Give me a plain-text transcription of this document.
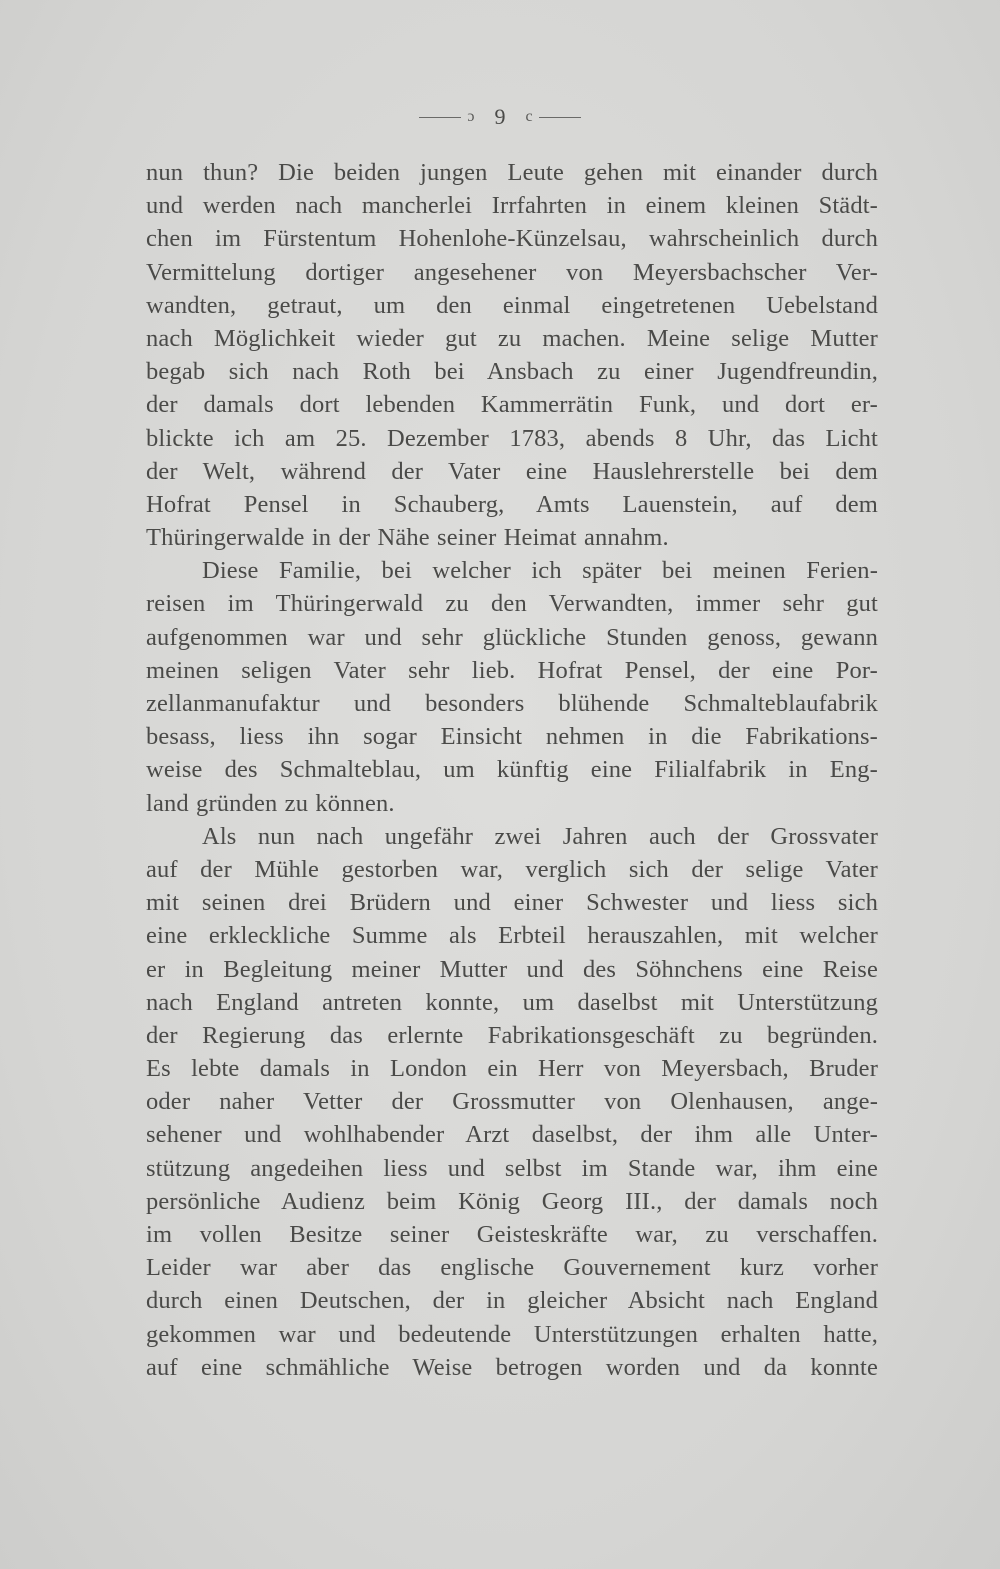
ɔ 9 c
nun thun? Die beiden jungen Leute gehen mit einander durch
und werden nach mancherlei Irrfahrten in einem kleinen Städt-
chen im Fürstentum Hohenlohe-Künzelsau, wahrscheinlich durch
Vermittelung dortiger angesehener von Meyersbachscher Ver-
wandten, getraut, um den einmal eingetretenen Uebelstand
nach Möglichkeit wieder gut zu machen. Meine selige Mutter
begab sich nach Roth bei Ansbach zu einer Jugendfreundin,
der damals dort lebenden Kammerrätin Funk, und dort er-
blickte ich am 25. Dezember 1783, abends 8 Uhr, das Licht
der Welt, während der Vater eine Hauslehrerstelle bei dem
Hofrat Pensel in Schauberg, Amts Lauenstein, auf dem
Thüringerwalde in der Nähe seiner Heimat annahm.
Diese Familie, bei welcher ich später bei meinen Ferien-
reisen im Thüringerwald zu den Verwandten, immer sehr gut
aufgenommen war und sehr glückliche Stunden genoss, gewann
meinen seligen Vater sehr lieb. Hofrat Pensel, der eine Por-
zellanmanufaktur und besonders blühende Schmalteblaufabrik
besass, liess ihn sogar Einsicht nehmen in die Fabrikations-
weise des Schmalteblau, um künftig eine Filialfabrik in Eng-
land gründen zu können.
Als nun nach ungefähr zwei Jahren auch der Grossvater
auf der Mühle gestorben war, verglich sich der selige Vater
mit seinen drei Brüdern und einer Schwester und liess sich
eine erkleckliche Summe als Erbteil herauszahlen, mit welcher
er in Begleitung meiner Mutter und des Söhnchens eine Reise
nach England antreten konnte, um daselbst mit Unterstützung
der Regierung das erlernte Fabrikationsgeschäft zu begründen.
Es lebte damals in London ein Herr von Meyersbach, Bruder
oder naher Vetter der Grossmutter von Olenhausen, ange-
sehener und wohlhabender Arzt daselbst, der ihm alle Unter-
stützung angedeihen liess und selbst im Stande war, ihm eine
persönliche Audienz beim König Georg III., der damals noch
im vollen Besitze seiner Geisteskräfte war, zu verschaffen.
Leider war aber das englische Gouvernement kurz vorher
durch einen Deutschen, der in gleicher Absicht nach England
gekommen war und bedeutende Unterstützungen erhalten hatte,
auf eine schmähliche Weise betrogen worden und da konnte
